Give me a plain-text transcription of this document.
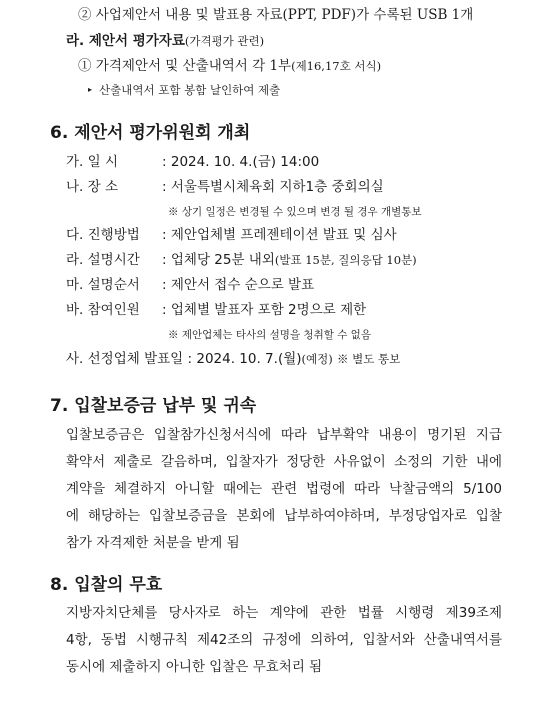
② 사업제안서 내용 및 발표용 자료(PPT, PDF)가 수록된 USB 1개
라. 제안서 평가자료(가격평가 관련)
① 가격제안서 및 산출내역서 각 1부(제16,17호 서식)
▸ 산출내역서 포함 봉함 날인하여 제출
6. 제안서 평가위원회 개최
가. 일 시	: 2024. 10. 4.(금) 14:00
나. 장 소	: 서울특별시체육회 지하1층 중회의실
※ 상기 일정은 변경될 수 있으며 변경 될 경우 개별통보
다. 진행방법 : 제안업체별 프레젠테이션 발표 및 심사
라. 설명시간 : 업체당 25분 내외(발표 15분, 질의응답 10분)
마. 설명순서 : 제안서 접수 순으로 발표
바. 참여인원 : 업체별 발표자 포함 2명으로 제한
※ 제안업체는 타사의 설명을 청취할 수 없음
사. 선정업체 발표일 : 2024. 10. 7.(월)(예정) ※ 별도 통보
7. 입찰보증금 납부 및 귀속
입찰보증금은 입찰참가신청서식에 따라 납부확약 내용이 명기된 지급
확약서 제출로 갈음하며, 입찰자가 정당한 사유없이 소정의 기한 내에
계약을 체결하지 아니할 때에는 관련 법령에 따라 낙찰금액의 5/100
에 해당하는 입찰보증금을 본회에 납부하여야하며, 부정당업자로 입찰
참가 자격제한 처분을 받게 됨
8. 입찰의 무효
지방자치단체를 당사자로 하는 계약에 관한 법률 시행령 제39조제
4항, 동법 시행규칙 제42조의 규정에 의하여, 입찰서와 산출내역서를
동시에 제출하지 아니한 입찰은 무효처리 됨
